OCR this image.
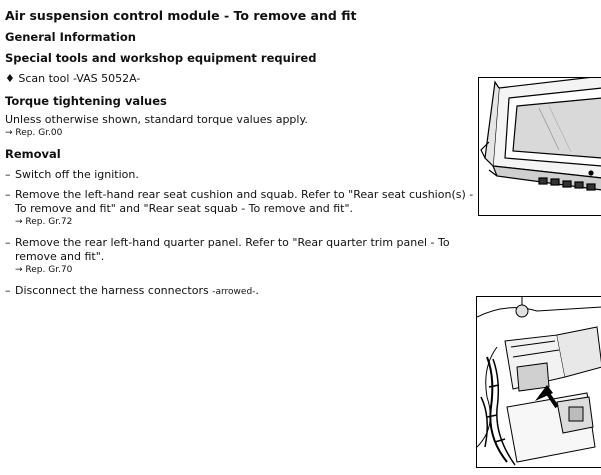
Air suspension control module - To remove and fit

General Information

Special tools and workshop equipment required

♦ Scan tool -VAS 5052A-

Torque tightening values

Unless otherwise shown, standard torque values apply.

→ Rep. Gr.00

Removal

– Switch off the ignition.
– Remove the left-hand rear seat cushion and squab. Refer to "Rear seat cushion(s) - To remove and fit" and "Rear seat squab - To remove and fit".

→ Rep. Gr.72

– Remove the rear left-hand quarter panel. Refer to "Rear quarter trim panel - To remove and fit".

→ Rep. Gr.70

– Disconnect the harness connectors -arrowed-.
